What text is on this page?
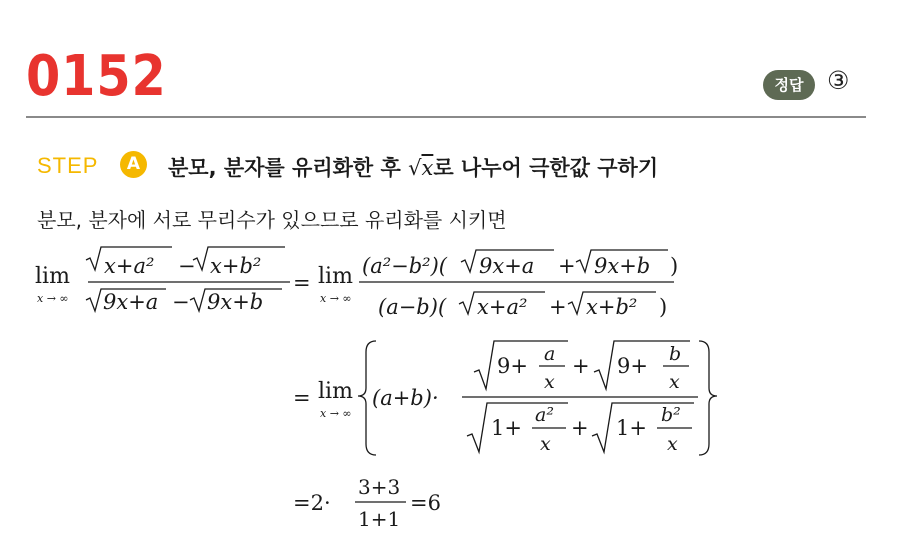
0152	정답 ③
STEP	A	분모, 분자를 유리화한 후 √x로 나누어 극한값 구하기
분모, 분자에 서로 무리수가 있으므로 유리화를 시키면
lim
x → ∞
x+a² − x+b²
9x+a − 9x+b
= lim
x → ∞
(a²−b²)( 9x+a + 9x+b )
(a−b)( x+a² + x+b² )
= lim
x → ∞
(a+b)·
9+ a
x
+ 9+ b
x
1+
a²
x
+ 1+
b²
x
=2·
3+3
1+1
=6
